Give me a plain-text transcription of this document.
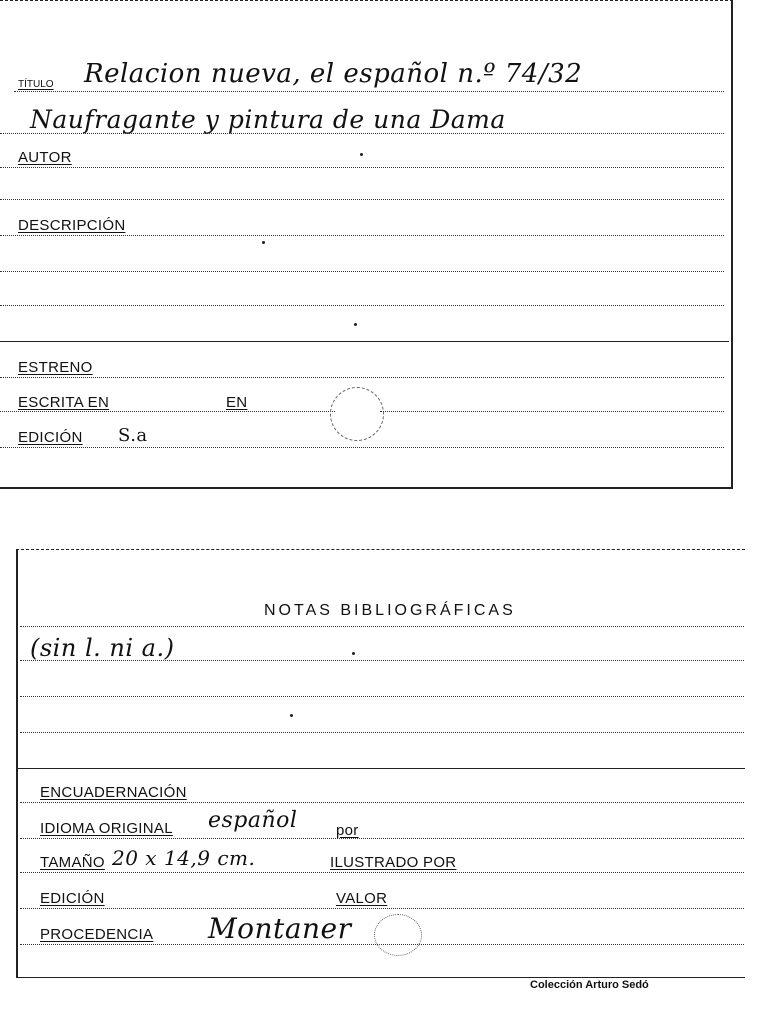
TÍTULO Relacion nueva, el español n.º 74/32
Naufragante y pintura de una Dama
AUTOR
DESCRIPCIÓN
ESTRENO
ESCRITA EN	EN
EDICIÓN S.a
NOTAS BIBLIOGRÁFICAS
(sin l. ni a.)
ENCUADERNACIÓN
IDIOMA ORIGINAL español	por
TAMAÑO 20 x 14,9 cm.	ILUSTRADO POR
EDICIÓN	VALOR
PROCEDENCIA Montaner
Colección Arturo Sedó
